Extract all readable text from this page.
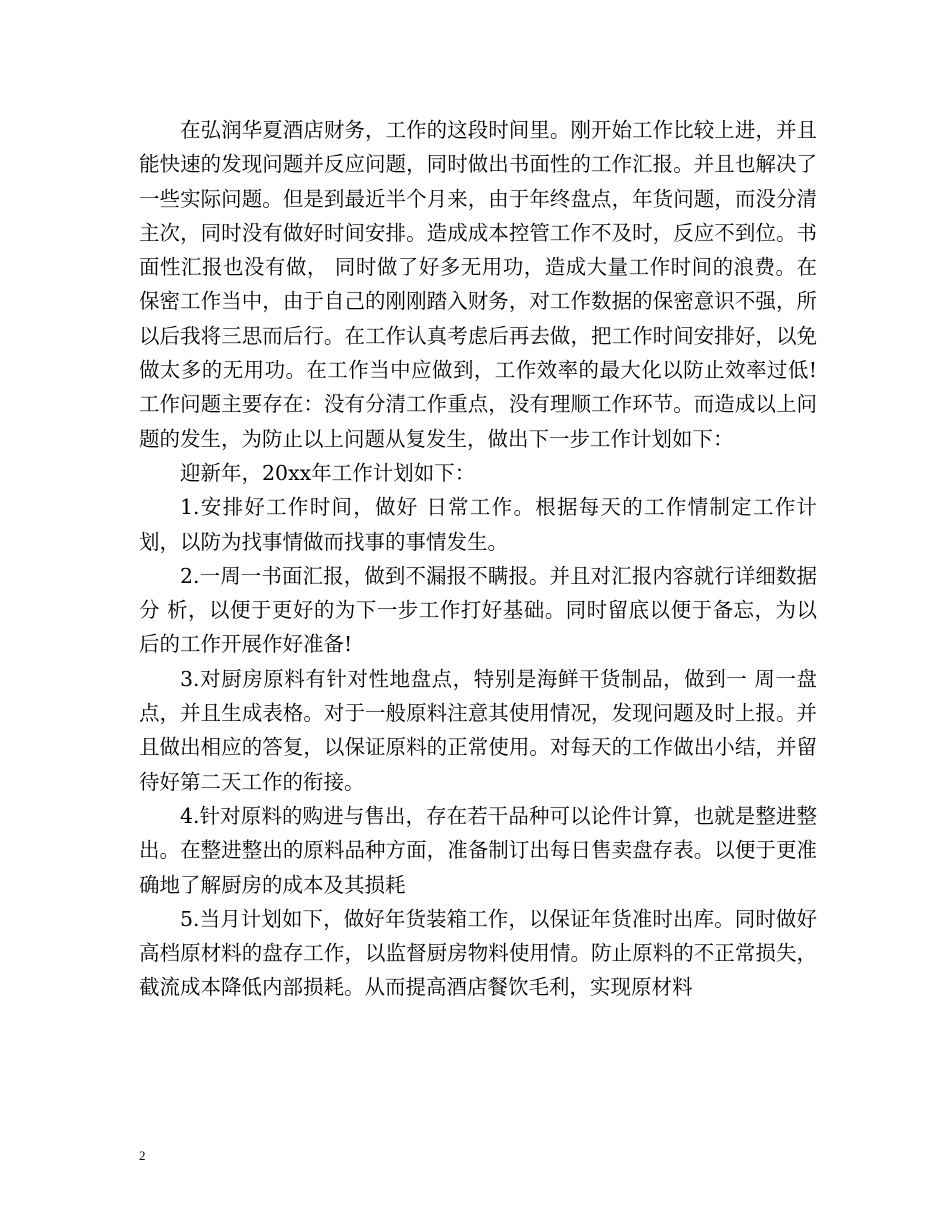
在弘润华夏酒店财务，工作的这段时间里。刚开始工作比较上进，并且能快速的发现问题并反应问题，同时做出书面性的工作汇报。并且也解决了一些实际问题。但是到最近半个月来，由于年终盘点，年货问题，而没分清主次，同时没有做好时间安排。造成成本控管工作不及时，反应不到位。书面性汇报也没有做， 同时做了好多无用功，造成大量工作时间的浪费。在保密工作当中，由于自己的刚刚踏入财务，对工作数据的保密意识不强，所以后我将三思而后行。在工作认真考虑后再去做，把工作时间安排好，以免做太多的无用功。在工作当中应做到，工作效率的最大化以防止效率过低!工作问题主要存在：没有分清工作重点，没有理顺工作环节。而造成以上问题的发生，为防止以上问题从复发生，做出下一步工作计划如下：

迎新年，20xx年工作计划如下：

1.安排好工作时间，做好 日常工作。根据每天的工作情制定工作计划，以防为找事情做而找事的事情发生。

2.一周一书面汇报，做到不漏报不瞒报。并且对汇报内容就行详细数据分 析，以便于更好的为下一步工作打好基础。同时留底以便于备忘，为以后的工作开展作好准备!

3.对厨房原料有针对性地盘点，特别是海鲜干货制品，做到一 周一盘点，并且生成表格。对于一般原料注意其使用情况，发现问题及时上报。并且做出相应的答复，以保证原料的正常使用。对每天的工作做出小结，并留待好第二天工作的衔接。

4.针对原料的购进与售出，存在若干品种可以论件计算，也就是整进整出。在整进整出的原料品种方面，准备制订出每日售卖盘存表。以便于更准确地了解厨房的成本及其损耗

5.当月计划如下，做好年货装箱工作，以保证年货准时出库。同时做好高档原材料的盘存工作，以监督厨房物料使用情。防止原料的不正常损失，截流成本降低内部损耗。从而提高酒店餐饮毛利，实现原材料

2
